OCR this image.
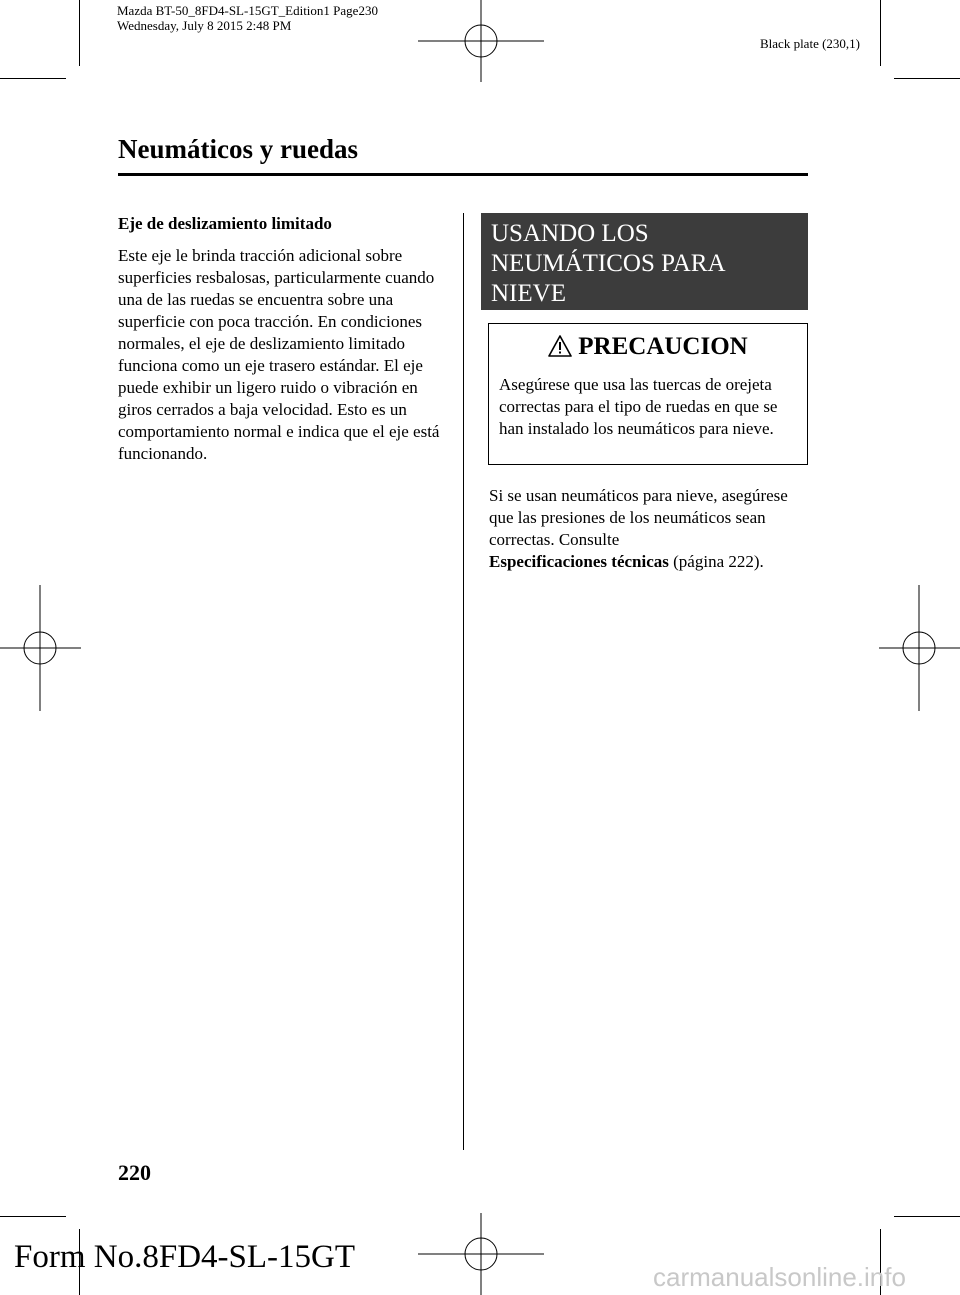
Mazda BT-50_8FD4-SL-15GT_Edition1 Page230
Wednesday, July 8 2015 2:48 PM
Black plate (230,1)
Neumáticos y ruedas

Eje de deslizamiento limitado

Este eje le brinda tracción adicional sobre superficies resbalosas, particularmente cuando una de las ruedas se encuentra sobre una superficie con poca tracción. En condiciones normales, el eje de deslizamiento limitado funciona como un eje trasero estándar. El eje puede exhibir un ligero ruido o vibración en giros cerrados a baja velocidad. Esto es un comportamiento normal e indica que el eje está funcionando.

USANDO LOS
NEUMÁTICOS PARA
NIEVE
PRECAUCION
Asegúrese que usa las tuercas de orejeta correctas para el tipo de ruedas en que se han instalado los neumáticos para nieve.
Si se usan neumáticos para nieve, asegúrese que las presiones de los neumáticos sean correctas. Consulte
Especificaciones técnicas (página 222).
220
Form No.8FD4-SL-15GT
carmanualsonline.info
